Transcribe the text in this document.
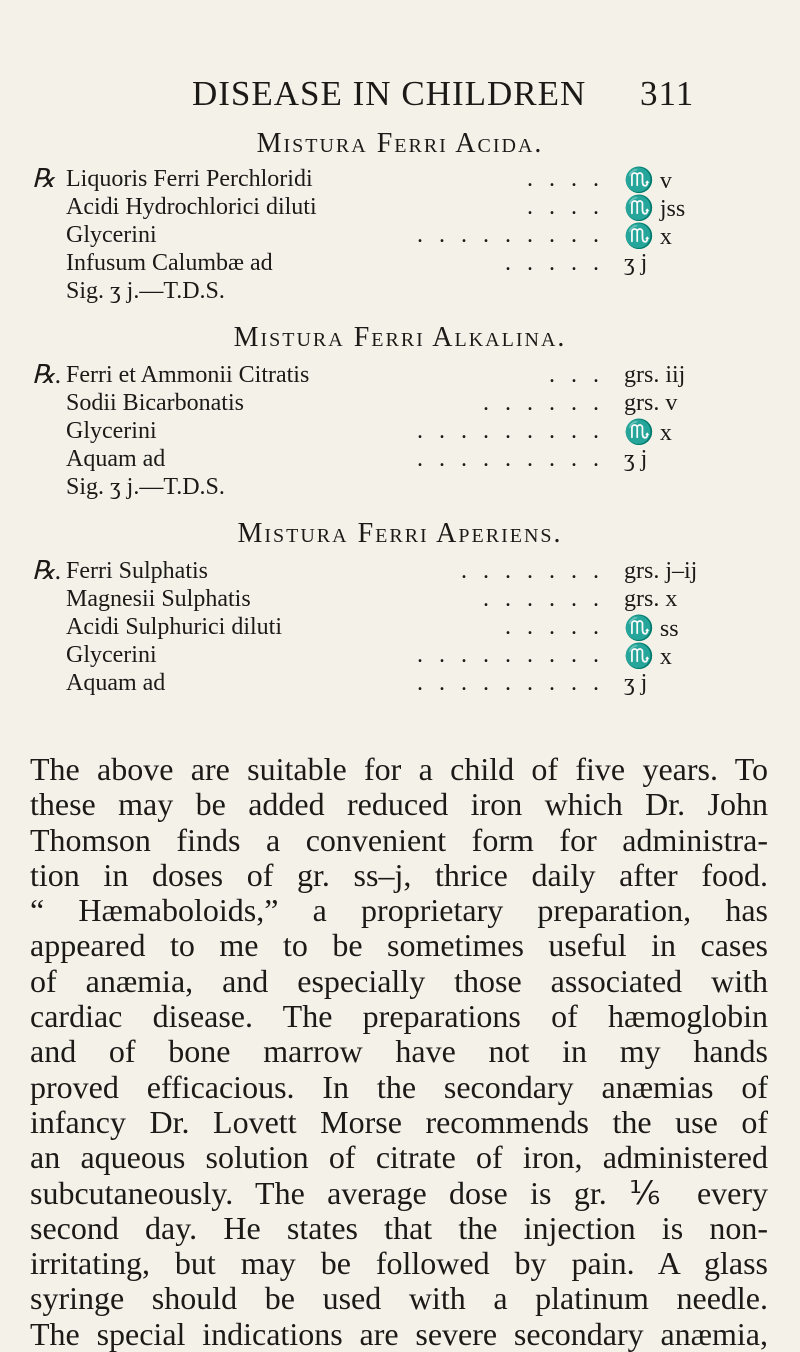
DISEASE IN CHILDREN 311
Mistura Ferri Acida.
℞ Liquoris Ferri Perchloridi	. . . . ♏ v
Acidi Hydrochlorici diluti	. . . . ♏ jss
Glycerini	. . . . . . . . . ♏ x
Infusum Calumbæ ad	. . . . . ʒ j
Sig. ʒ j.—T.D.S.
Mistura Ferri Alkalina.
℞. Ferri et Ammonii Citratis	. . . grs. iij
Sodii Bicarbonatis	. . . . . . grs. v
Glycerini	. . . . . . . . . ♏ x
Aquam ad	. . . . . . . . . ʒ j
Sig. ʒ j.—T.D.S.
Mistura Ferri Aperiens.
℞. Ferri Sulphatis	. . . . . . . grs. j–ij
Magnesii Sulphatis	. . . . . . grs. x
Acidi Sulphurici diluti	. . . . . ♏ ss
Glycerini	. . . . . . . . . ♏ x
Aquam ad	. . . . . . . . . ʒ j
The above are suitable for a child of five years. To
these may be added reduced iron which Dr. John
Thomson finds a convenient form for administra-
tion in doses of gr. ss–j, thrice daily after food.
“ Hæmaboloids,” a proprietary preparation, has
appeared to me to be sometimes useful in cases
of anæmia, and especially those associated with
cardiac disease. The preparations of hæmoglobin
and of bone marrow have not in my hands
proved efficacious. In the secondary anæmias of
infancy Dr. Lovett Morse recommends the use of
an aqueous solution of citrate of iron, administered
subcutaneously. The average dose is gr. ⅙ every
second day. He states that the injection is non-
irritating, but may be followed by pain. A glass
syringe should be used with a platinum needle.
The special indications are severe secondary anæmia,
